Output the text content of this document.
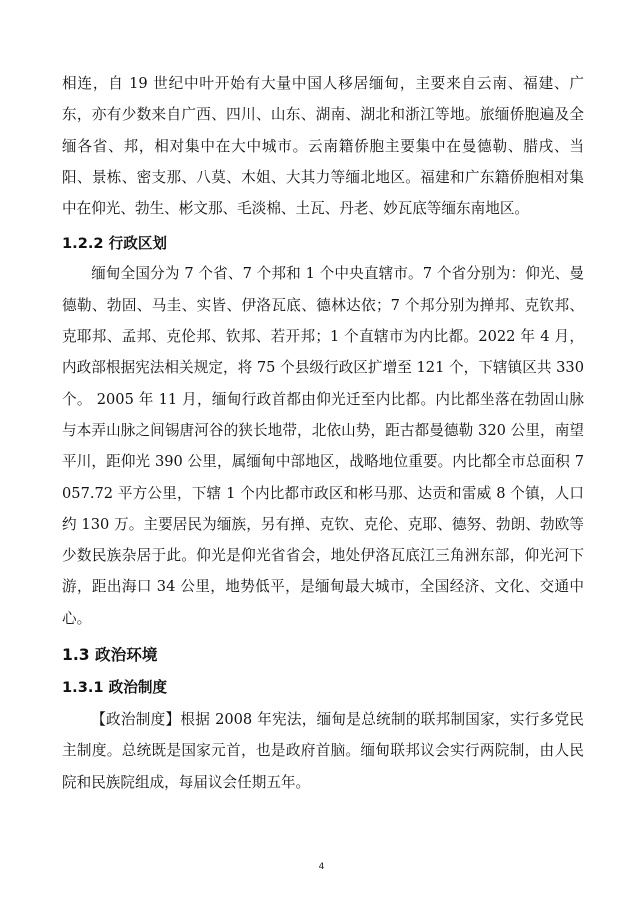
相连，自 19 世纪中叶开始有大量中国人移居缅甸，主要来自云南、福建、广东，亦有少数来自广西、四川、山东、湖南、湖北和浙江等地。旅缅侨胞遍及全缅各省、邦，相对集中在大中城市。云南籍侨胞主要集中在曼德勒、腊戌、当阳、景栋、密支那、八莫、木姐、大其力等缅北地区。福建和广东籍侨胞相对集中在仰光、勃生、彬文那、毛淡棉、土瓦、丹老、妙瓦底等缅东南地区。

1.2.2 行政区划

缅甸全国分为 7 个省、7 个邦和 1 个中央直辖市。7 个省分别为：仰光、曼德勒、勃固、马圭、实皆、伊洛瓦底、德林达依；7 个邦分别为掸邦、克钦邦、克耶邦、孟邦、克伦邦、钦邦、若开邦；1 个直辖市为内比都。2022 年 4 月，内政部根据宪法相关规定，将 75 个县级行政区扩增至 121 个，下辖镇区共 330 个。 2005 年 11 月，缅甸行政首都由仰光迁至内比都。内比都坐落在勃固山脉与本弄山脉之间锡唐河谷的狭长地带，北依山势，距古都曼德勒 320 公里，南望平川，距仰光 390 公里，属缅甸中部地区，战略地位重要。内比都全市总面积 7057.72 平方公里，下辖 1 个内比都市政区和彬马那、达贡和雷威 8 个镇，人口约 130 万。主要居民为缅族，另有掸、克钦、克伦、克耶、德努、勃朗、勃欧等少数民族杂居于此。仰光是仰光省省会，地处伊洛瓦底江三角洲东部，仰光河下游，距出海口 34 公里，地势低平，是缅甸最大城市，全国经济、文化、交通中心。

1.3 政治环境

1.3.1 政治制度

【政治制度】根据 2008 年宪法，缅甸是总统制的联邦制国家，实行多党民主制度。总统既是国家元首，也是政府首脑。缅甸联邦议会实行两院制，由人民院和民族院组成，每届议会任期五年。

4
